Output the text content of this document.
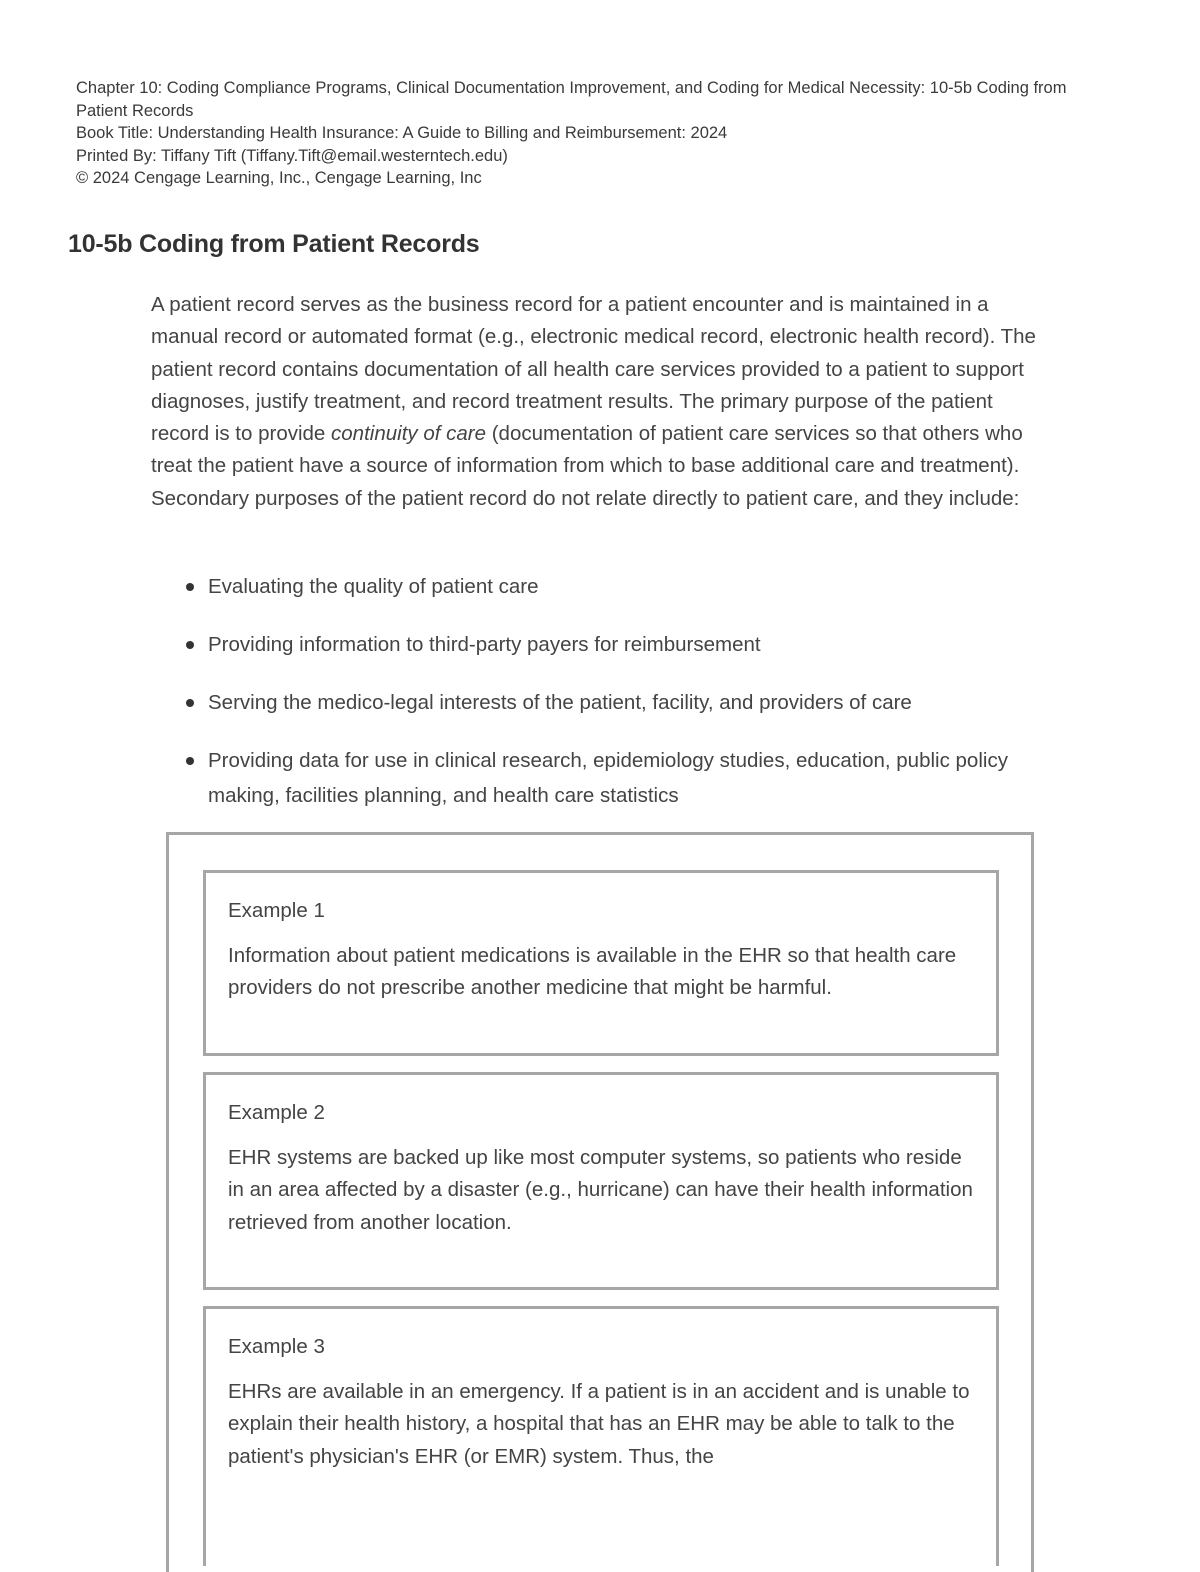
Chapter 10: Coding Compliance Programs, Clinical Documentation Improvement, and Coding for Medical Necessity: 10-5b Coding from Patient Records
Book Title: Understanding Health Insurance: A Guide to Billing and Reimbursement: 2024
Printed By: Tiffany Tift (Tiffany.Tift@email.westerntech.edu)
© 2024 Cengage Learning, Inc., Cengage Learning, Inc
10-5b Coding from Patient Records

A patient record serves as the business record for a patient encounter and is maintained in a manual record or automated format (e.g., electronic medical record, electronic health record). The patient record contains documentation of all health care services provided to a patient to support diagnoses, justify treatment, and record treatment results. The primary purpose of the patient record is to provide continuity of care (documentation of patient care services so that others who treat the patient have a source of information from which to base additional care and treatment). Secondary purposes of the patient record do not relate directly to patient care, and they include:

Evaluating the quality of patient care
Providing information to third-party payers for reimbursement
Serving the medico-legal interests of the patient, facility, and providers of care
Providing data for use in clinical research, epidemiology studies, education, public policy making, facilities planning, and health care statistics
Example 1

Information about patient medications is available in the EHR so that health care providers do not prescribe another medicine that might be harmful.

Example 2

EHR systems are backed up like most computer systems, so patients who reside in an area affected by a disaster (e.g., hurricane) can have their health information retrieved from another location.

Example 3

EHRs are available in an emergency. If a patient is in an accident and is unable to explain their health history, a hospital that has an EHR may be able to talk to the patient's physician's EHR (or EMR) system. Thus, the
